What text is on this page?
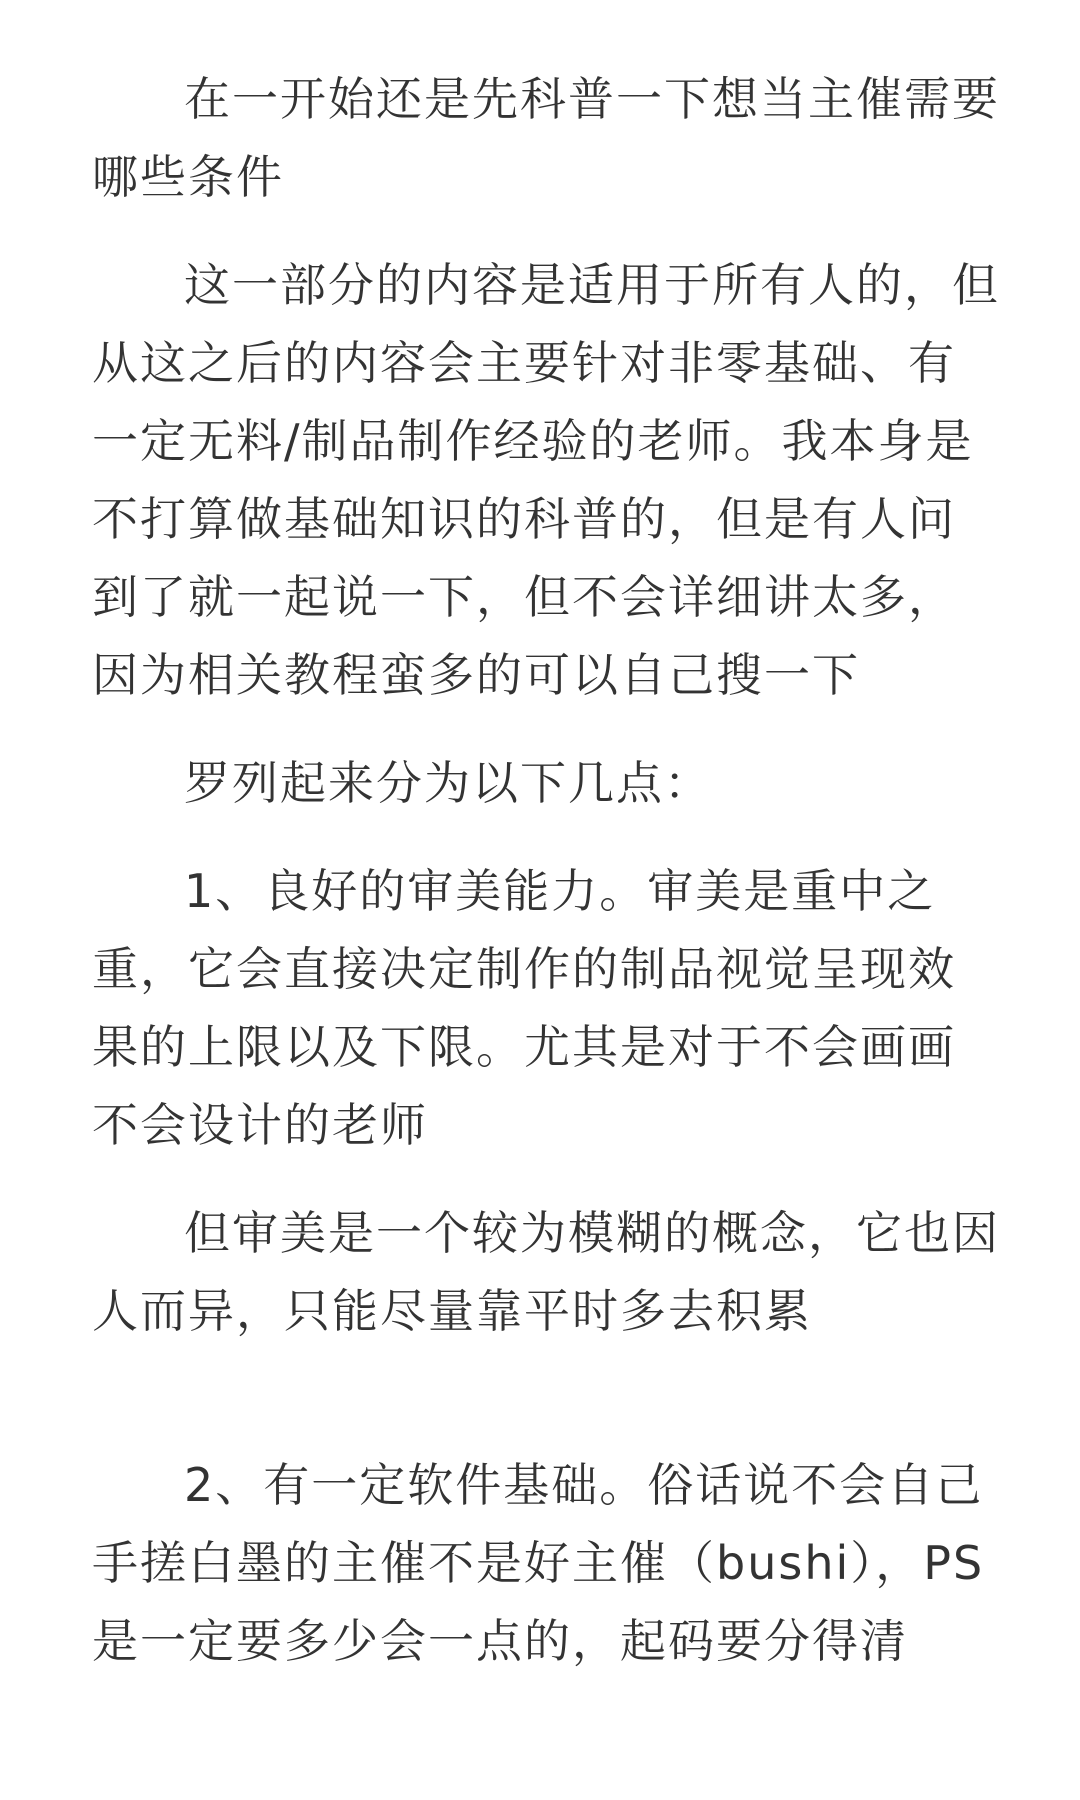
在一开始还是先科普一下想当主催需要哪些条件

这一部分的内容是适用于所有人的，但从这之后的内容会主要针对非零基础、有一定无料/制品制作经验的老师。我本身是不打算做基础知识的科普的，但是有人问到了就一起说一下，但不会详细讲太多，因为相关教程蛮多的可以自己搜一下

罗列起来分为以下几点：

1、良好的审美能力。审美是重中之重，它会直接决定制作的制品视觉呈现效果的上限以及下限。尤其是对于不会画画不会设计的老师

但审美是一个较为模糊的概念，它也因人而异，只能尽量靠平时多去积累

2、有一定软件基础。俗话说不会自己手搓白墨的主催不是好主催（bushi），PS是一定要多少会一点的，起码要分得清
